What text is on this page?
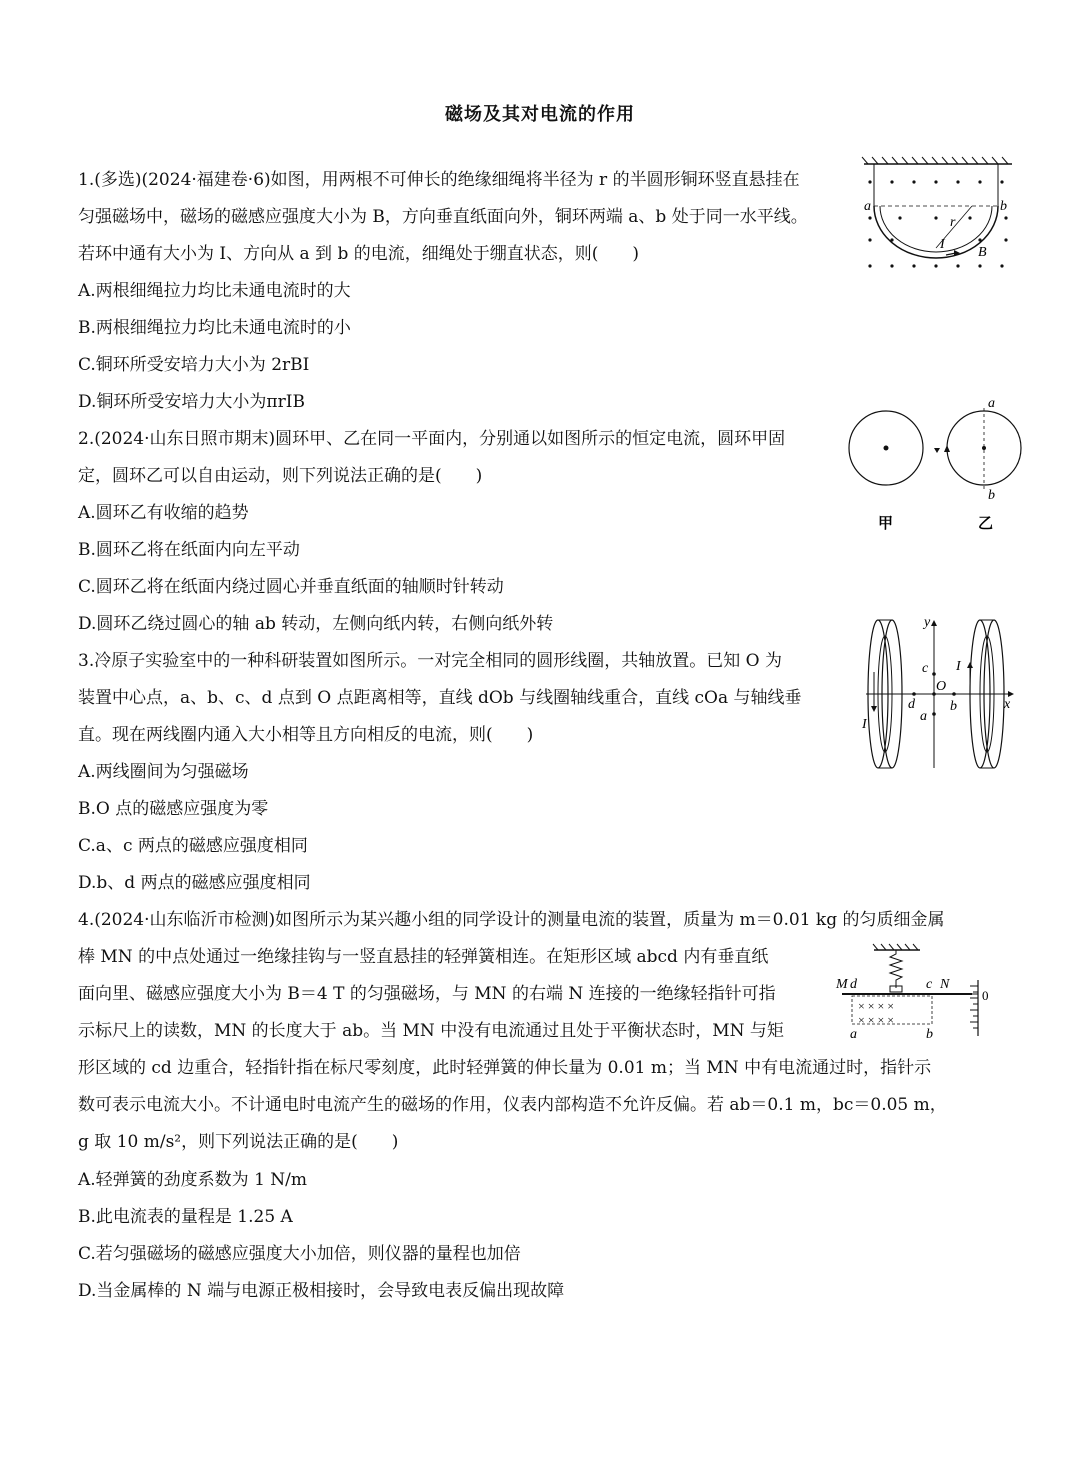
磁场及其对电流的作用
1.(多选)(2024·福建卷·6)如图，用两根不可伸长的绝缘细绳将半径为 r 的半圆形铜环竖直悬挂在
匀强磁场中，磁场的磁感应强度大小为 B，方向垂直纸面向外，铜环两端 a、b 处于同一水平线。
若环中通有大小为 I、方向从 a 到 b 的电流，细绳处于绷直状态，则(　　)
A.两根细绳拉力均比未通电流时的大
B.两根细绳拉力均比未通电流时的小
C.铜环所受安培力大小为 2rBI
D.铜环所受安培力大小为πrIB
2.(2024·山东日照市期末)圆环甲、乙在同一平面内，分别通以如图所示的恒定电流，圆环甲固
定，圆环乙可以自由运动，则下列说法正确的是(　　)
A.圆环乙有收缩的趋势
B.圆环乙将在纸面内向左平动
C.圆环乙将在纸面内绕过圆心并垂直纸面的轴顺时针转动
D.圆环乙绕过圆心的轴 ab 转动，左侧向纸内转，右侧向纸外转
3.冷原子实验室中的一种科研装置如图所示。一对完全相同的圆形线圈，共轴放置。已知 O 为
装置中心点，a、b、c、d 点到 O 点距离相等，直线 dOb 与线圈轴线重合，直线 cOa 与轴线垂
直。现在两线圈内通入大小相等且方向相反的电流，则(　　)
A.两线圈间为匀强磁场
B.O 点的磁感应强度为零
C.a、c 两点的磁感应强度相同
D.b、d 两点的磁感应强度相同
4.(2024·山东临沂市检测)如图所示为某兴趣小组的同学设计的测量电流的装置，质量为 m＝0.01 kg 的匀质细金属
棒 MN 的中点处通过一绝缘挂钩与一竖直悬挂的轻弹簧相连。在矩形区域 abcd 内有垂直纸
面向里、磁感应强度大小为 B＝4 T 的匀强磁场，与 MN 的右端 N 连接的一绝缘轻指针可指
示标尺上的读数，MN 的长度大于 ab。当 MN 中没有电流通过且处于平衡状态时，MN 与矩
形区域的 cd 边重合，轻指针指在标尺零刻度，此时轻弹簧的伸长量为 0.01 m；当 MN 中有电流通过时，指针示
数可表示电流大小。不计通电时电流产生的磁场的作用，仪表内部构造不允许反偏。若 ab＝0.1 m，bc＝0.05 m，
g 取 10 m/s²，则下列说法正确的是(　　)
A.轻弹簧的劲度系数为 1 N/m
B.此电流表的量程是 1.25 A
C.若匀强磁场的磁感应强度大小加倍，则仪器的量程也加倍
D.当金属棒的 N 端与电源正极相接时，会导致电表反偏出现故障
a	b
r
I
B
a
b
甲	乙
y
x
c
O
d	b
a
I
I
× × × ×
× × × ×
M d	c N
a	b
0
